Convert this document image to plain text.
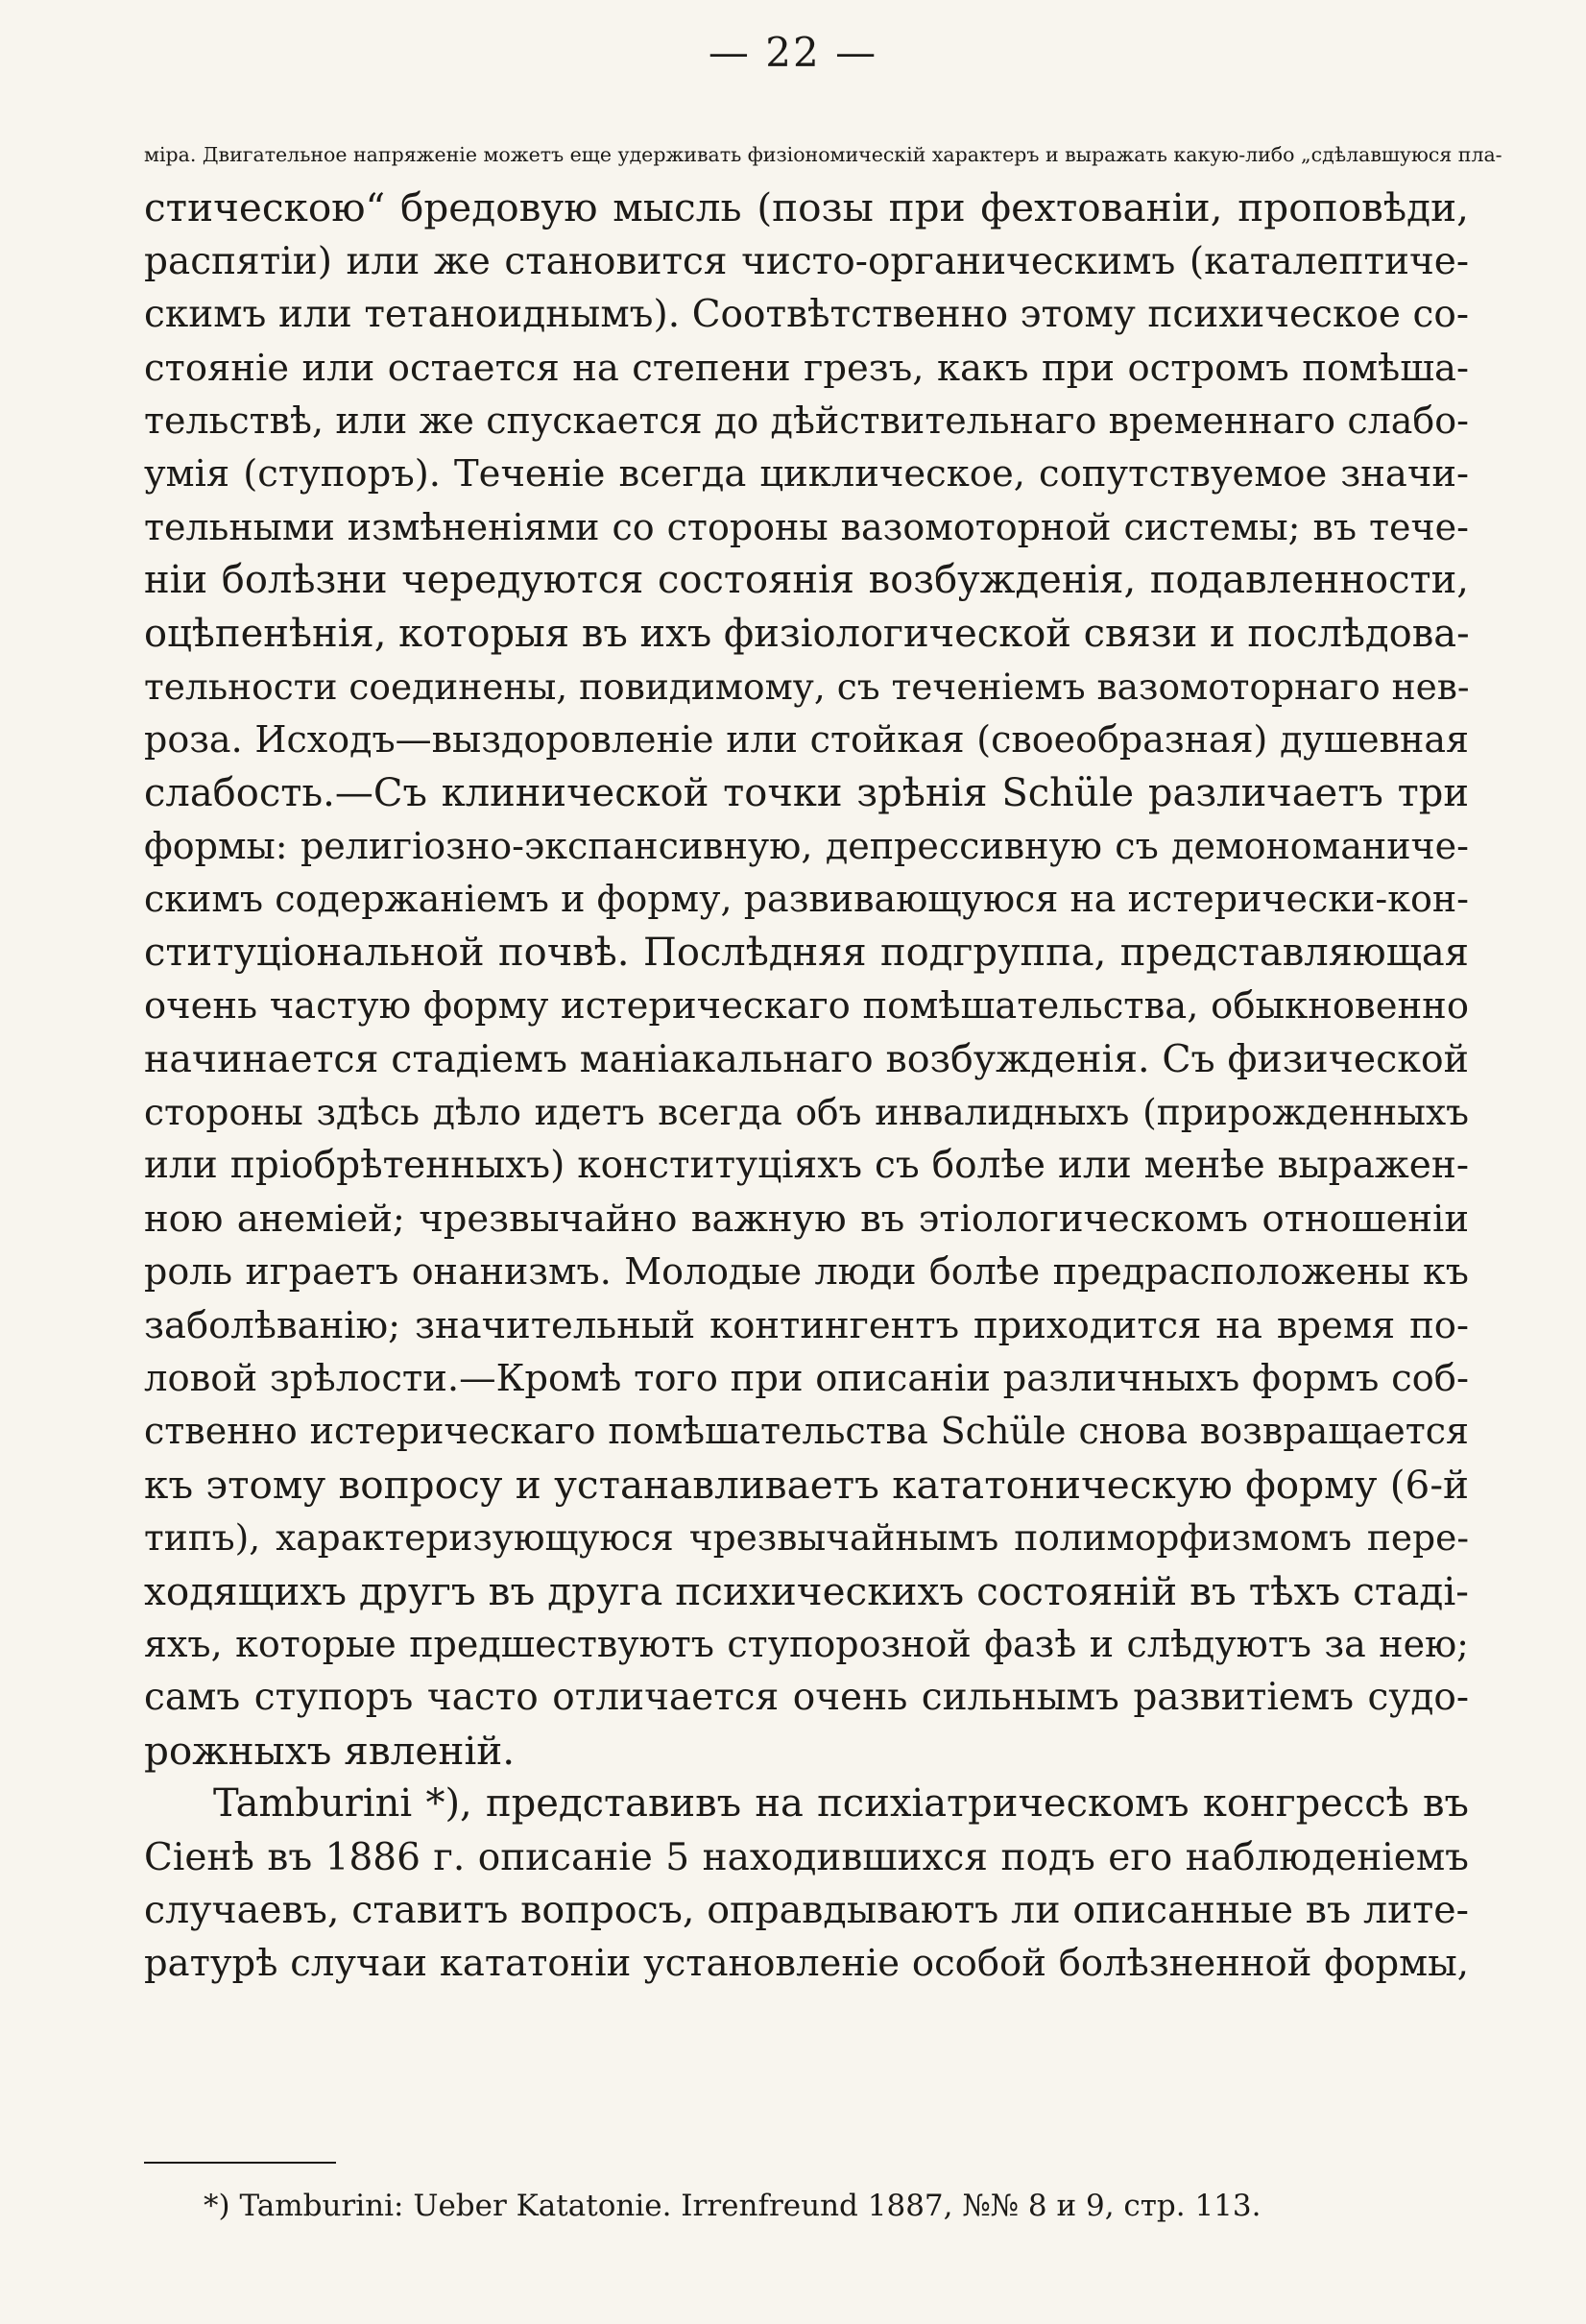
— 22 —
міра. Двигательное напряженіе можетъ еще удерживать физіономическій характеръ и выражать какую-либо „сдѣлавшуюся пла-
стическою“ бредовую мысль (позы при фехтованіи, проповѣди,
распятіи) или же становится чисто-органическимъ (каталептиче-
скимъ или тетаноиднымъ). Соотвѣтственно этому психическое со-
стояніе или остается на степени грезъ, какъ при остромъ помѣша-
тельствѣ, или же спускается до дѣйствительнаго временнаго слабо-
умія (ступоръ). Теченіе всегда циклическое, сопутствуемое значи-
тельными измѣненіями со стороны вазомоторной системы; въ тече-
ніи болѣзни чередуются состоянія возбужденія, подавленности,
оцѣпенѣнія, которыя въ ихъ физіологической связи и послѣдова-
тельности соединены, повидимому, съ теченіемъ вазомоторнаго нев-
роза. Исходъ—выздоровленіе или стойкая (своеобразная) душевная
слабость.—Съ клинической точки зрѣнія Schüle различаетъ три
формы: религіозно-экспансивную, депрессивную съ демономаниче-
скимъ содержаніемъ и форму, развивающуюся на истерически-кон-
ституціональной почвѣ. Послѣдняя подгруппа, представляющая
очень частую форму истерическаго помѣшательства, обыкновенно
начинается стадіемъ маніакальнаго возбужденія. Съ физической
стороны здѣсь дѣло идетъ всегда объ инвалидныхъ (прирожденныхъ
или пріобрѣтенныхъ) конституціяхъ съ болѣе или менѣе выражен-
ною анеміей; чрезвычайно важную въ этіологическомъ отношеніи
роль играетъ онанизмъ. Молодые люди болѣе предрасположены къ
заболѣванію; значительный контингентъ приходится на время по-
ловой зрѣлости.—Кромѣ того при описаніи различныхъ формъ соб-
ственно истерическаго помѣшательства Schüle снова возвращается
къ этому вопросу и устанавливаетъ кататоническую форму (6-й
типъ), характеризующуюся чрезвычайнымъ полиморфизмомъ пере-
ходящихъ другъ въ друга психическихъ состояній въ тѣхъ стаді-
яхъ, которые предшествуютъ ступорозной фазѣ и слѣдуютъ за нею;
самъ ступоръ часто отличается очень сильнымъ развитіемъ судо-
рожныхъ явленій.
Tamburini *), представивъ на психіатрическомъ конгрессѣ въ
Сіенѣ въ 1886 г. описаніе 5 находившихся подъ его наблюденіемъ
случаевъ, ставитъ вопросъ, оправдываютъ ли описанные въ лите-
ратурѣ случаи кататоніи установленіе особой болѣзненной формы,
*) Tamburini: Ueber Katatonie. Irrenfreund 1887, №№ 8 и 9, стр. 113.
